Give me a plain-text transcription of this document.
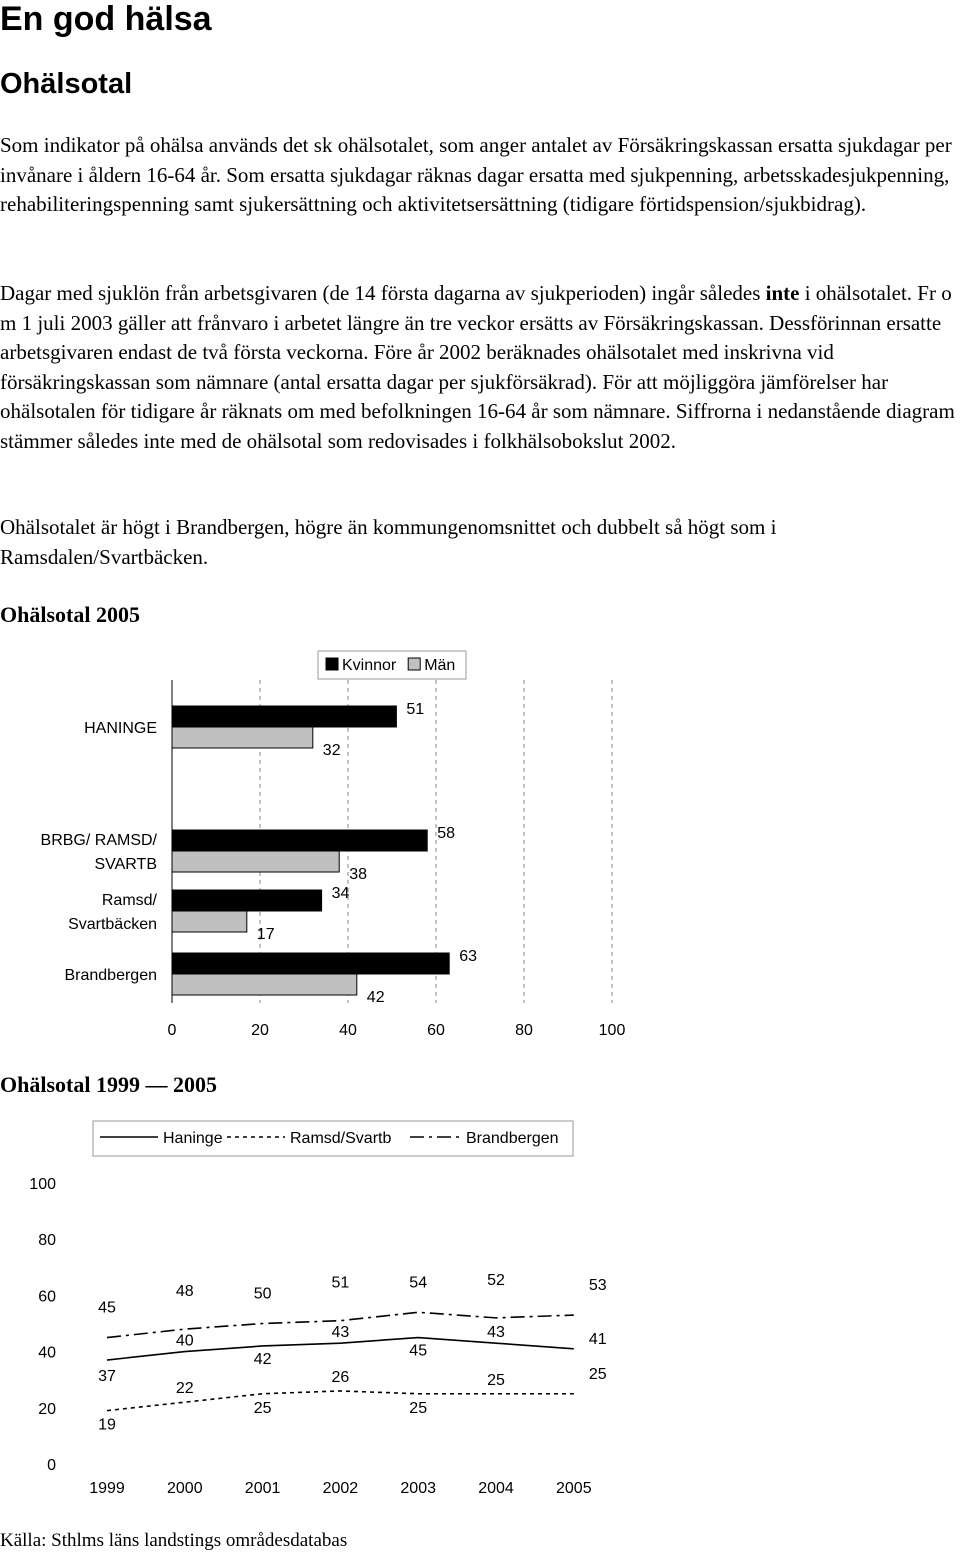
En god hälsa
Ohälsotal

Som indikator på ohälsa används det sk ohälsotalet, som anger antalet av Försäkringskassan ersatta sjukdagar per invånare i åldern 16-64 år. Som ersatta sjukdagar räknas dagar ersatta med sjukpenning, arbetsskadesjukpenning, rehabiliteringspenning samt sjukersättning och aktivitetsersättning (tidigare förtidspension/sjukbidrag).

Dagar med sjuklön från arbetsgivaren (de 14 första dagarna av sjukperioden) ingår således inte i ohälsotalet. Fr o m 1 juli 2003 gäller att frånvaro i arbetet längre än tre veckor ersätts av Försäkringskassan. Dessförinnan ersatte arbetsgivaren endast de två första veckorna. Före år 2002 beräknades ohälsotalet med inskrivna vid försäkringskassan som nämnare (antal ersatta dagar per sjukförsäkrad). För att möjliggöra jämförelser har ohälsotalen för tidigare år räknats om med befolkningen 16-64 år som nämnare. Siffrorna i nedanstående diagram stämmer således inte med de ohälsotal som redovisades i folkhälsobokslut 2002.

Ohälsotalet är högt i Brandbergen, högre än kommungenomsnittet och dubbelt så högt som i Ramsdalen/Svartbäcken.

Ohälsotal 2005
Kvinnor Män
HANINGE
51
32
BRBG/ RAMSD/ SVARTB
58
38
Ramsd/ Svartbäcken
34
17
Brandbergen
63
42
0	20	40	60	80	100
Ohälsotal 1999 — 2005
Haninge	Ramsd/Svartb	Brandbergen
0
20
40
60
80
100
1999	2000	2001	2002	2003	2004	2005
37
40
42
43
45
43	41
19
22
25
26
25
25	25
45
48	50
51	54	52	53

Källa: Sthlms läns landstings områdesdatabas
